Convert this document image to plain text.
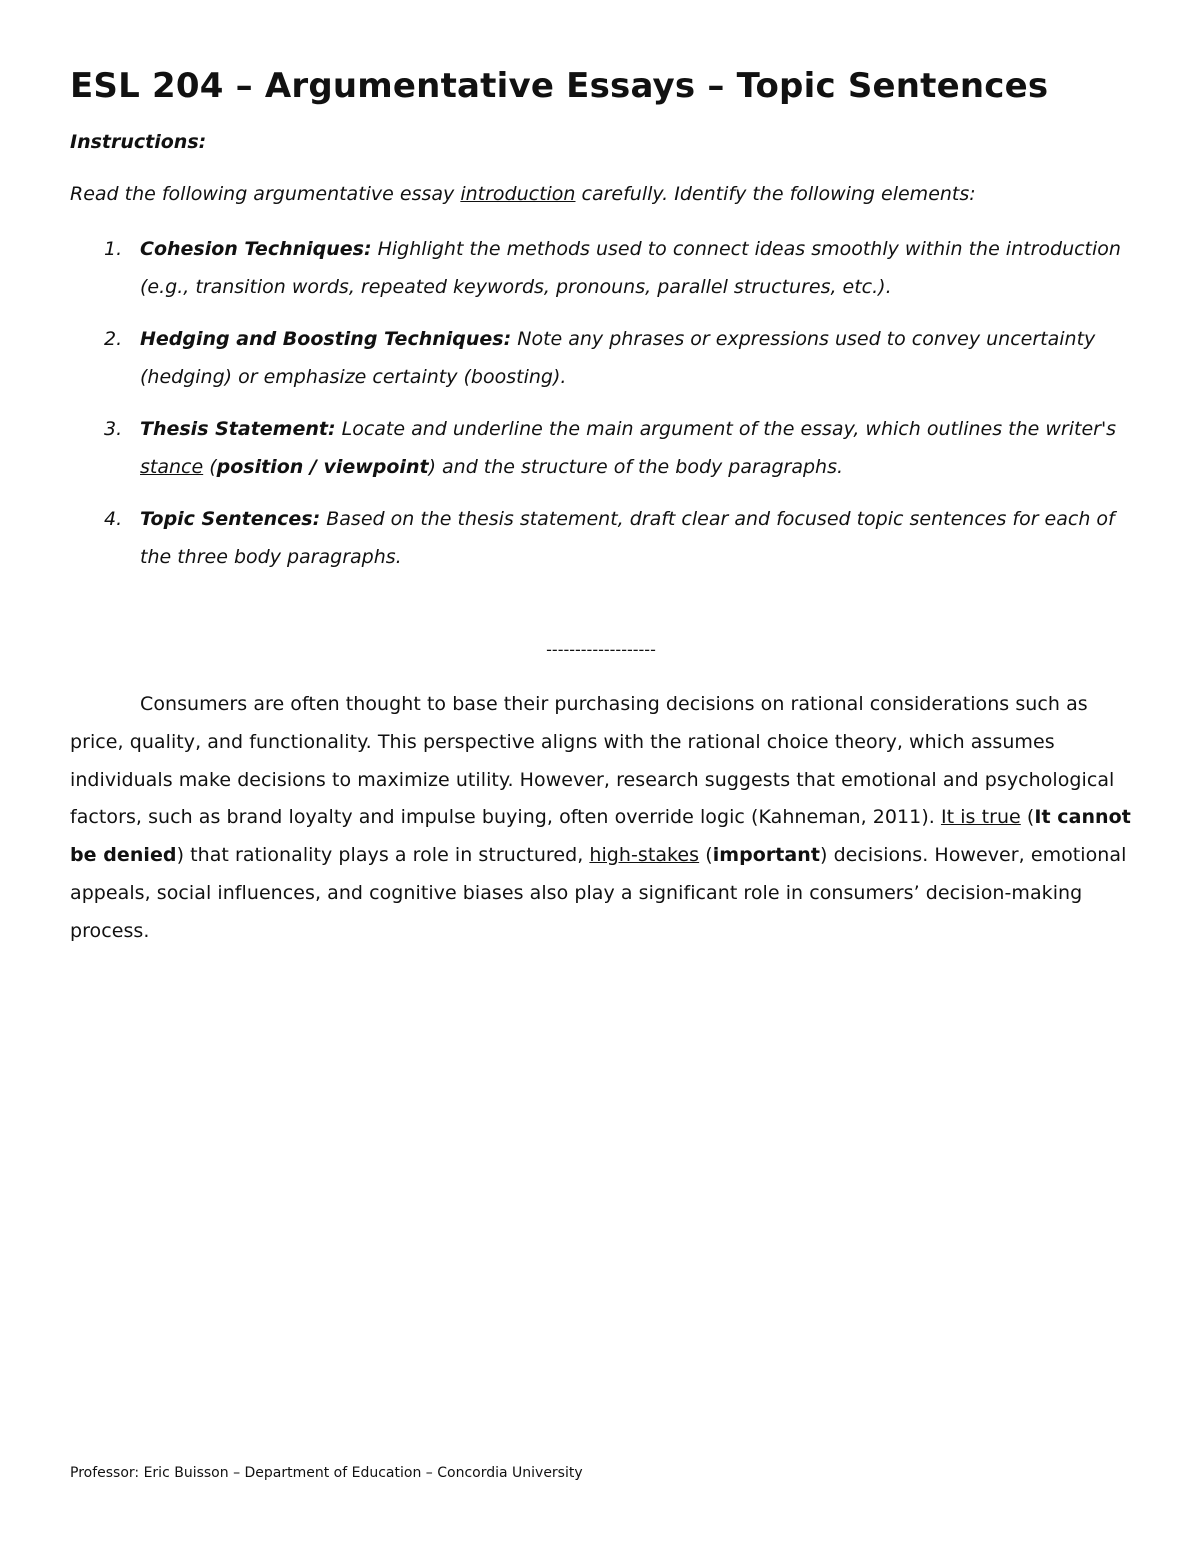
ESL 204 – Argumentative Essays – Topic Sentences
Instructions:
Read the following argumentative essay introduction carefully. Identify the following elements:
1. Cohesion Techniques: Highlight the methods used to connect ideas smoothly within the introduction (e.g., transition words, repeated keywords, pronouns, parallel structures, etc.).
2. Hedging and Boosting Techniques: Note any phrases or expressions used to convey uncertainty (hedging) or emphasize certainty (boosting).
3. Thesis Statement: Locate and underline the main argument of the essay, which outlines the writer's stance (position / viewpoint) and the structure of the body paragraphs.
4. Topic Sentences: Based on the thesis statement, draft clear and focused topic sentences for each of the three body paragraphs.
-------------------

Consumers are often thought to base their purchasing decisions on rational considerations such as price, quality, and functionality. This perspective aligns with the rational choice theory, which assumes individuals make decisions to maximize utility. However, research suggests that emotional and psychological factors, such as brand loyalty and impulse buying, often override logic (Kahneman, 2011). It is true (It cannot be denied) that rationality plays a role in structured, high-stakes (important) decisions. However, emotional appeals, social influences, and cognitive biases also play a significant role in consumers’ decision-making process.

Professor: Eric Buisson – Department of Education – Concordia University
